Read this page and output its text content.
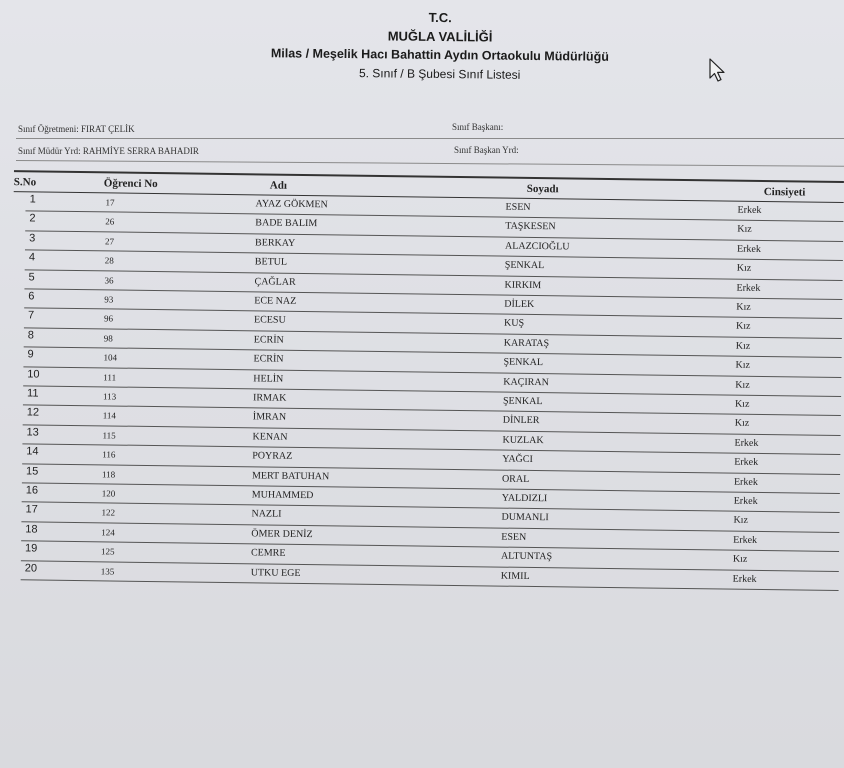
T.C.
MUĞLA VALİLİĞİ
Milas / Meşelik Hacı Bahattin Aydın Ortaokulu Müdürlüğü
5. Sınıf / B Şubesi Sınıf Listesi
Sınıf Öğretmeni: FIRAT ÇELİK	Sınıf Başkanı:
Sınıf Müdür Yrd: RAHMİYE SERRA BAHADIR	Sınıf Başkan Yrd:
S.No	Öğrenci No	Adı	Soyadı	Cinsiyeti
1	17	AYAZ GÖKMEN	ESEN	Erkek
2	26	BADE BALIM	TAŞKESEN	Kız
3	27	BERKAY	ALAZCIOĞLU	Erkek
4	28	BETUL	ŞENKAL	Kız
5	36	ÇAĞLAR	KIRKIM	Erkek
6	93	ECE NAZ	DİLEK	Kız
7	96	ECESU	KUŞ	Kız
8	98	ECRİN	KARATAŞ	Kız
9	104	ECRİN	ŞENKAL	Kız
10	111	HELİN	KAÇIRAN	Kız
11	113	IRMAK	ŞENKAL	Kız
12	114	İMRAN	DİNLER	Kız
13	115	KENAN	KUZLAK	Erkek
14	116	POYRAZ	YAĞCI	Erkek
15	118	MERT BATUHAN	ORAL	Erkek
16	120	MUHAMMED	YALDIZLI	Erkek
17	122	NAZLI	DUMANLI	Kız
18	124	ÖMER DENİZ	ESEN	Erkek
19	125	CEMRE	ALTUNTAŞ	Kız
20	135	UTKU EGE	KIMIL	Erkek
